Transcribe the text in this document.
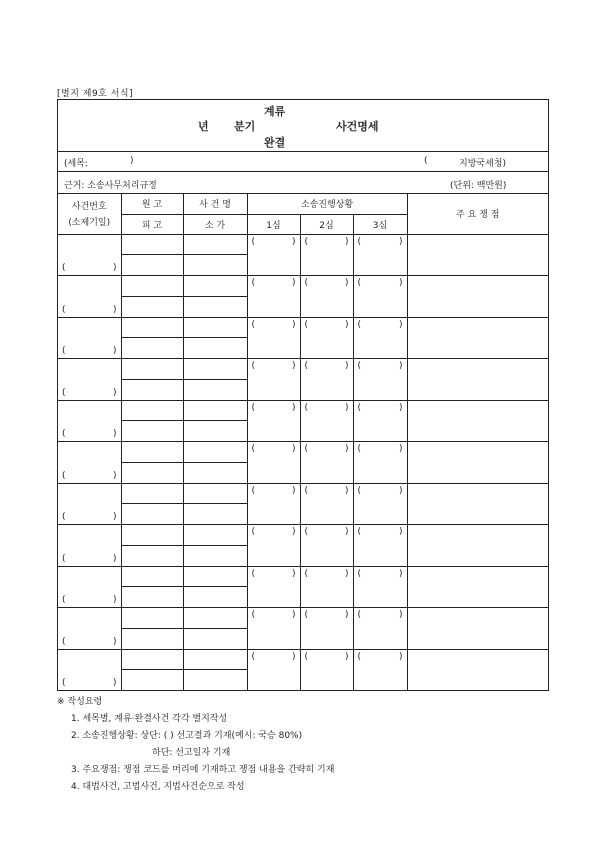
[별지 제9호 서식]
계류
년 분기	사건명세
완결
(세목:	)	(	지방국세청)
근거: 소송사무처리규정	(단위: 백만원)
사건번호
(소제기일)	원 고	사 건 명	소송진행상황			주 요 쟁 점
	피 고	소 가	1심	2심	3심	

( )			( )	( )	( )	

( )			( )	( )	( )	

( )			( )	( )	( )	

( )			( )	( )	( )	

( )			( )	( )	( )	

( )			( )	( )	( )	

( )			( )	( )	( )	

( )			( )	( )	( )	

( )			( )	( )	( )	

( )			( )	( )	( )	

( )			( )	( )	( )	

※ 작성요령
1. 세목별, 계류·완결사건 각각 별지작성
2. 소송진행상황: 상단: ( ) 선고결과 기재(예시: 국승 80%)
하단: 선고일자 기재
3. 주요쟁점: 쟁점 코드를 머리에 기재하고 쟁점 내용을 간략히 기재
4. 대법사건, 고법사건, 지법사건순으로 작성
